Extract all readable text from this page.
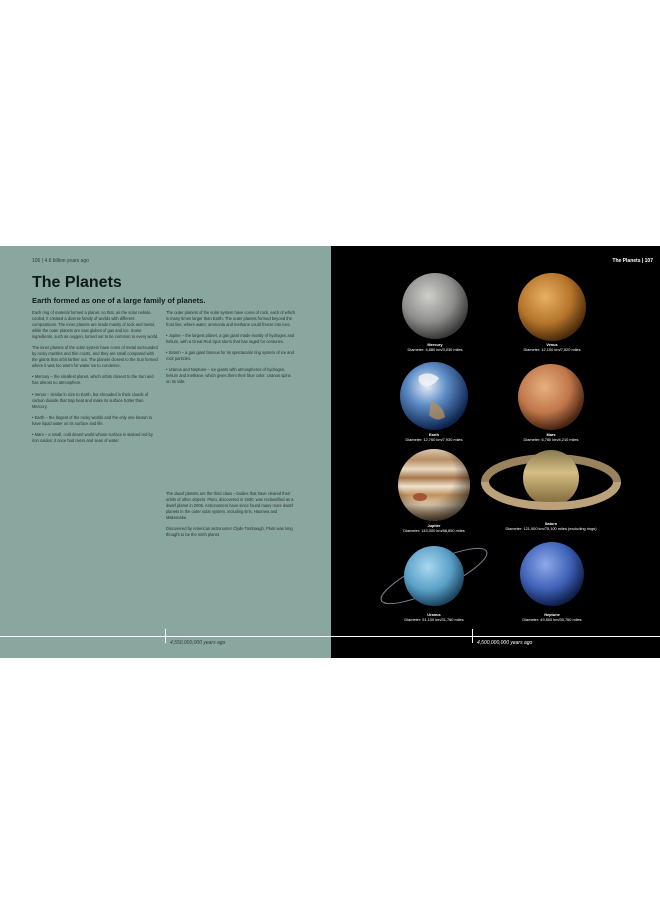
106 | 4.6 billion years ago
The Planets
Earth formed as one of a large family of planets.

Each ring of material formed a planet, so that, as the solar nebula cooled, it created a diverse family of worlds with different compositions. The inner planets are made mainly of rock and metal, while the outer planets are vast globes of gas and ice. Some ingredients, such as oxygen, turned out to be common to every world.

The inner planets of the solar system have cores of metal surrounded by rocky mantles and thin crusts, and they are small compared with the giants that orbit farther out. The planets closest to the Sun formed where it was too warm for water ice to condense.

• Mercury – the smallest planet, which orbits closest to the Sun and has almost no atmosphere.

• Venus – similar in size to Earth, but shrouded in thick clouds of carbon dioxide that trap heat and make its surface hotter than Mercury.

• Earth – the largest of the rocky worlds and the only one known to have liquid water on its surface and life.

• Mars – a small, cold desert world whose surface is stained red by iron oxides; it once had rivers and seas of water.

The outer planets of the solar system have cores of rock, each of which is many times larger than Earth. The outer planets formed beyond the frost line, where water, ammonia and methane could freeze into ices.

• Jupiter – the largest planet, a gas giant made mostly of hydrogen and helium, with a Great Red Spot storm that has raged for centuries.

• Saturn – a gas giant famous for its spectacular ring system of ice and rock particles.

• Uranus and Neptune – ice giants with atmospheres of hydrogen, helium and methane, which gives them their blue color. Uranus spins on its side.

The dwarf planets are the third class – bodies that have cleared their orbits of other objects. Pluto, discovered in 1930, was reclassified as a dwarf planet in 2006. Astronomers have since found many more dwarf planets in the outer solar system, including Eris, Haumea and Makemake.

Discovered by American astronomer Clyde Tombaugh, Pluto was long thought to be the ninth planet.

4,550,000,000 years ago
The Planets | 107
Mercury
Diameter: 4,880 km/3,030 miles
Venus
Diameter: 12,100 km/7,520 miles
Earth
Diameter: 12,760 km/7,930 miles
Mars
Diameter: 6,780 km/4,210 miles
Jupiter
Diameter: 143,000 km/88,850 miles
Saturn
Diameter: 121,000 km/75,100 miles (excluding rings)
Uranus
Diameter: 51,100 km/31,760 miles
Neptune
Diameter: 49,500 km/30,760 miles
4,500,000,000 years ago
